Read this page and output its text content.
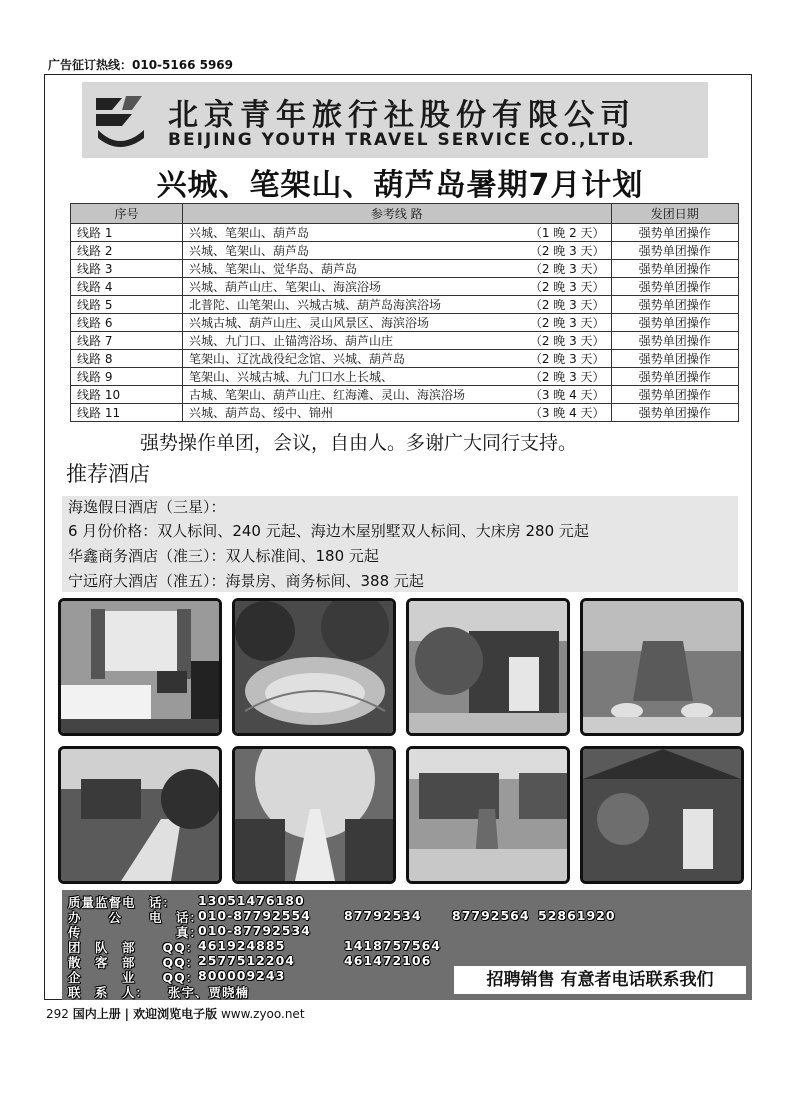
广告征订热线：010-5166 5969
北京青年旅行社股份有限公司
BEIJING YOUTH TRAVEL SERVICE CO.,LTD.
兴城、笔架山、葫芦岛暑期7月计划
序号	参考线 路	发团日期
线路 1	兴城、笔架山、葫芦岛 （1 晚 2 天）	强势单团操作
线路 2	兴城、笔架山、葫芦岛 （2 晚 3 天）	强势单团操作
线路 3	兴城、笔架山、觉华岛、葫芦岛 （2 晚 3 天）	强势单团操作
线路 4	兴城、葫芦山庄、笔架山、海滨浴场 （2 晚 3 天）	强势单团操作
线路 5	北普陀、山笔架山、兴城古城、葫芦岛海滨浴场 （2 晚 3 天）	强势单团操作
线路 6	兴城古城、葫芦山庄、灵山风景区、海滨浴场 （2 晚 3 天）	强势单团操作
线路 7	兴城、九门口、止锚湾浴场、葫芦山庄 （2 晚 3 天）	强势单团操作
线路 8	笔架山、辽沈战役纪念馆、兴城、葫芦岛 （2 晚 3 天）	强势单团操作
线路 9	笔架山、兴城古城、九门口水上长城、 （2 晚 3 天）	强势单团操作
线路 10	古城、笔架山、葫芦山庄、红海滩、灵山、海滨浴场 （3 晚 4 天）	强势单团操作
线路 11	兴城、葫芦岛、绥中、锦州 （3 晚 4 天）	强势单团操作
强势操作单团，会议，自由人。多谢广大同行支持。
推荐酒店
海逸假日酒店（三星）：
6 月份价格：双人标间、240 元起、海边木屋别墅双人标间、大床房 280 元起
华鑫商务酒店（准三）：双人标准间、180 元起
宁远府大酒店（准五）：海景房、商务标间、388 元起
质量监督电　话： 13051476180
办　　公　　电　话：
010-87792554	87792534 87792564 52861920
传　　　　　　　真：
010-87792534
团　队　部　　QQ：
461924885	1418757564
散　客　部　　QQ：
2577512204	461472106
企　　　业　　QQ：
800009243
联　系　人： 张宇、贾晓楠
招聘销售 有意者电话联系我们
292 国内上册 | 欢迎浏览电子版 www.zyoo.net
